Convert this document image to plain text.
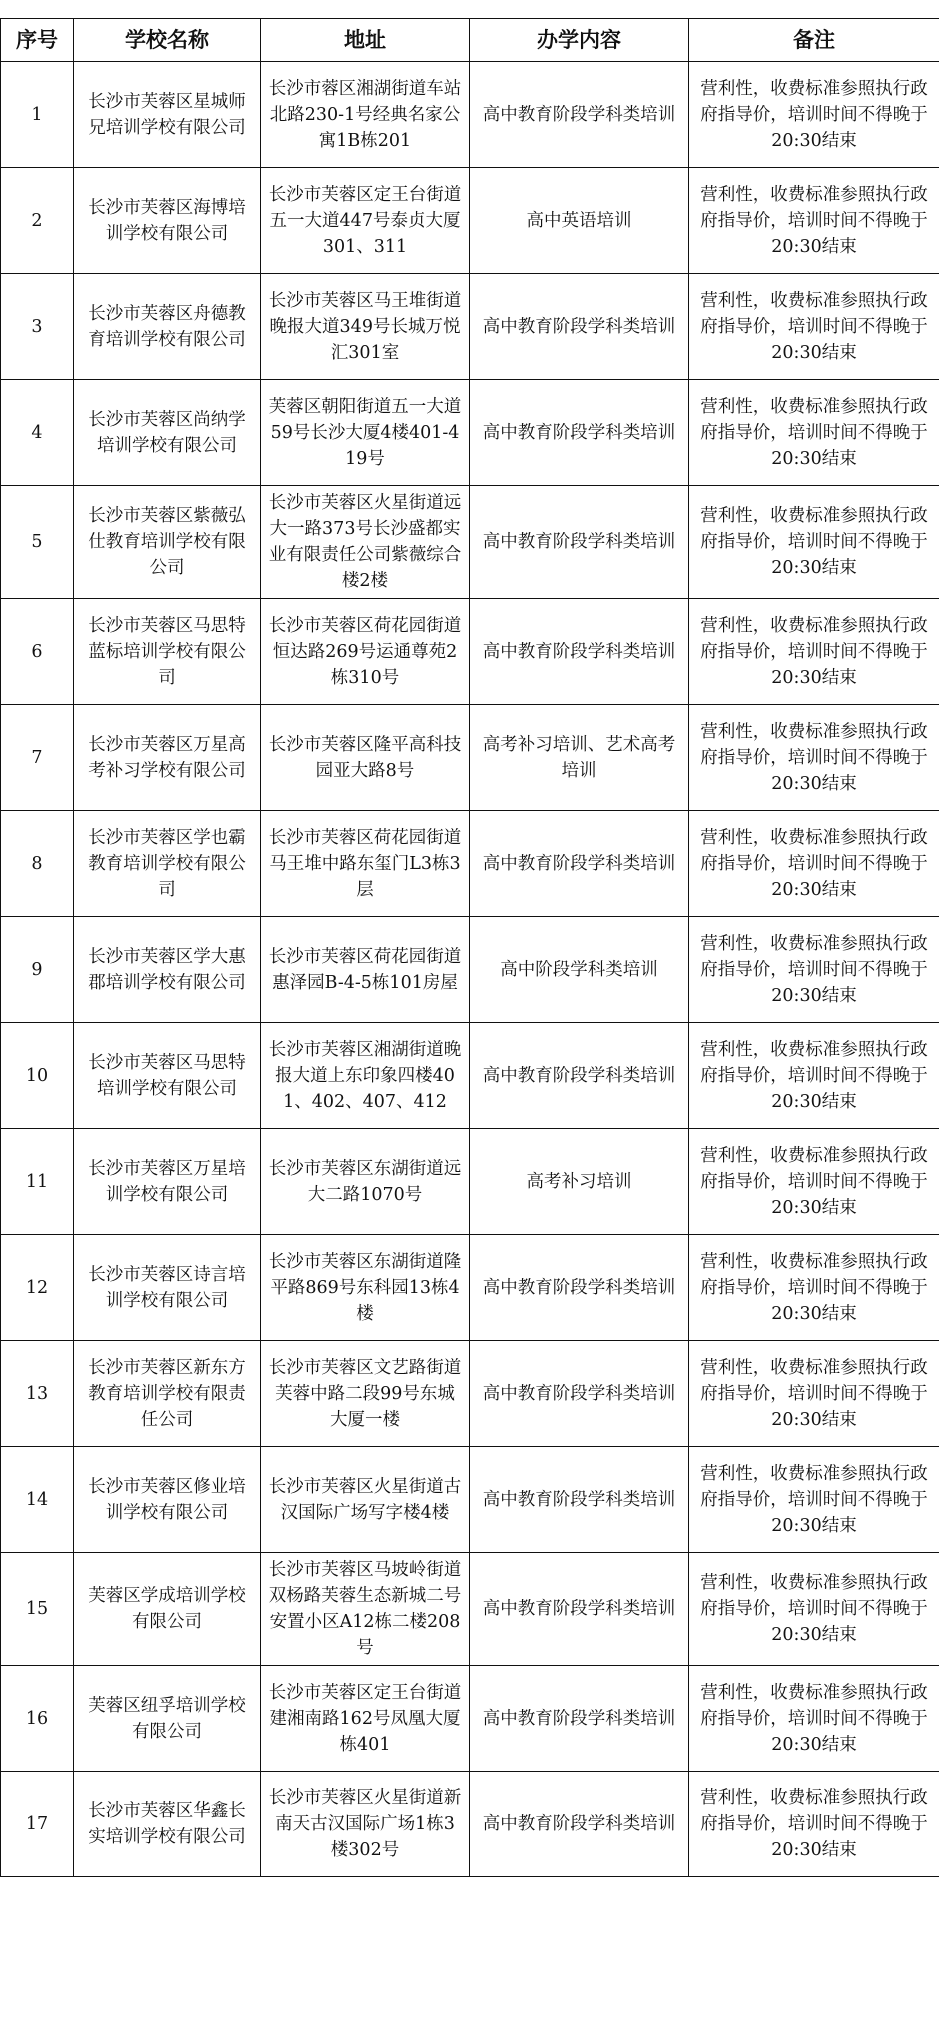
序号	学校名称	地址	办学内容	备注
1	长沙市芙蓉区星城师兄培训学校有限公司	长沙市蓉区湘湖街道车站北路230-1号经典名家公寓1B栋201	高中教育阶段学科类培训	营利性，收费标准参照执行政府指导价，培训时间不得晚于20:30结束
2	长沙市芙蓉区海博培训学校有限公司	长沙市芙蓉区定王台街道五一大道447号泰贞大厦301、311	高中英语培训	营利性，收费标准参照执行政府指导价，培训时间不得晚于20:30结束
3	长沙市芙蓉区舟德教育培训学校有限公司	长沙市芙蓉区马王堆街道晚报大道349号长城万悦汇301室	高中教育阶段学科类培训	营利性，收费标准参照执行政府指导价，培训时间不得晚于20:30结束
4	长沙市芙蓉区尚纳学培训学校有限公司	芙蓉区朝阳街道五一大道59号长沙大厦4楼401-419号	高中教育阶段学科类培训	营利性，收费标准参照执行政府指导价，培训时间不得晚于20:30结束
5	长沙市芙蓉区紫薇弘仕教育培训学校有限公司	长沙市芙蓉区火星街道远大一路373号长沙盛都实业有限责任公司紫薇综合楼2楼	高中教育阶段学科类培训	营利性，收费标准参照执行政府指导价，培训时间不得晚于20:30结束
6	长沙市芙蓉区马思特蓝标培训学校有限公司	长沙市芙蓉区荷花园街道恒达路269号运通尊苑2栋310号	高中教育阶段学科类培训	营利性，收费标准参照执行政府指导价，培训时间不得晚于20:30结束
7	长沙市芙蓉区万星高考补习学校有限公司	长沙市芙蓉区隆平高科技园亚大路8号	高考补习培训、艺术高考培训	营利性，收费标准参照执行政府指导价，培训时间不得晚于20:30结束
8	长沙市芙蓉区学也霸教育培训学校有限公司	长沙市芙蓉区荷花园街道马王堆中路东玺门L3栋3层	高中教育阶段学科类培训	营利性，收费标准参照执行政府指导价，培训时间不得晚于20:30结束
9	长沙市芙蓉区学大惠郡培训学校有限公司	长沙市芙蓉区荷花园街道惠泽园B-4-5栋101房屋	高中阶段学科类培训	营利性，收费标准参照执行政府指导价，培训时间不得晚于20:30结束
10	长沙市芙蓉区马思特培训学校有限公司	长沙市芙蓉区湘湖街道晚报大道上东印象四楼401、402、407、412	高中教育阶段学科类培训	营利性，收费标准参照执行政府指导价，培训时间不得晚于20:30结束
11	长沙市芙蓉区万星培训学校有限公司	长沙市芙蓉区东湖街道远大二路1070号	高考补习培训	营利性，收费标准参照执行政府指导价，培训时间不得晚于20:30结束
12	长沙市芙蓉区诗言培训学校有限公司	长沙市芙蓉区东湖街道隆平路869号东科园13栋4楼	高中教育阶段学科类培训	营利性，收费标准参照执行政府指导价，培训时间不得晚于20:30结束
13	长沙市芙蓉区新东方教育培训学校有限责任公司	长沙市芙蓉区文艺路街道芙蓉中路二段99号东城大厦一楼	高中教育阶段学科类培训	营利性，收费标准参照执行政府指导价，培训时间不得晚于20:30结束
14	长沙市芙蓉区修业培训学校有限公司	长沙市芙蓉区火星街道古汉国际广场写字楼4楼	高中教育阶段学科类培训	营利性，收费标准参照执行政府指导价，培训时间不得晚于20:30结束
15	芙蓉区学成培训学校有限公司	长沙市芙蓉区马坡岭街道双杨路芙蓉生态新城二号安置小区A12栋二楼208号	高中教育阶段学科类培训	营利性，收费标准参照执行政府指导价，培训时间不得晚于20:30结束
16	芙蓉区纽孚培训学校有限公司	长沙市芙蓉区定王台街道建湘南路162号凤凰大厦栋401	高中教育阶段学科类培训	营利性，收费标准参照执行政府指导价，培训时间不得晚于20:30结束
17	长沙市芙蓉区华鑫长实培训学校有限公司	长沙市芙蓉区火星街道新南天古汉国际广场1栋3楼302号	高中教育阶段学科类培训	营利性，收费标准参照执行政府指导价，培训时间不得晚于20:30结束
